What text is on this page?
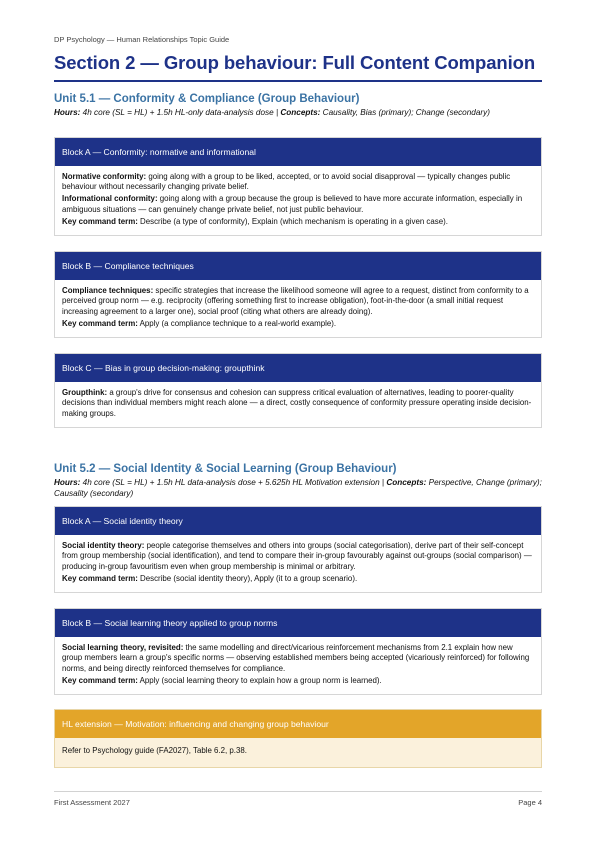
DP Psychology — Human Relationships Topic Guide
Section 2 — Group behaviour: Full Content Companion
Unit 5.1 — Conformity & Compliance (Group Behaviour)
Hours: 4h core (SL = HL) + 1.5h HL-only data-analysis dose | Concepts: Causality, Bias (primary); Change (secondary)
Block A — Conformity: normative and informational

Normative conformity: going along with a group to be liked, accepted, or to avoid social disapproval — typically changes public behaviour without necessarily changing private belief.

Informational conformity: going along with a group because the group is believed to have more accurate information, especially in ambiguous situations — can genuinely change private belief, not just public behaviour.

Key command term: Describe (a type of conformity), Explain (which mechanism is operating in a given case).

Block B — Compliance techniques

Compliance techniques: specific strategies that increase the likelihood someone will agree to a request, distinct from conformity to a perceived group norm — e.g. reciprocity (offering something first to increase obligation), foot-in-the-door (a small initial request increasing agreement to a larger one), social proof (citing what others are already doing).

Key command term: Apply (a compliance technique to a real-world example).

Block C — Bias in group decision-making: groupthink

Groupthink: a group's drive for consensus and cohesion can suppress critical evaluation of alternatives, leading to poorer-quality decisions than individual members might reach alone — a direct, costly consequence of conformity pressure operating inside decision-making groups.

Unit 5.2 — Social Identity & Social Learning (Group Behaviour)
Hours: 4h core (SL = HL) + 1.5h HL data-analysis dose + 5.625h HL Motivation extension | Concepts: Perspective, Change (primary); Causality (secondary)
Block A — Social identity theory

Social identity theory: people categorise themselves and others into groups (social categorisation), derive part of their self-concept from group membership (social identification), and tend to compare their in-group favourably against out-groups (social comparison) — producing in-group favouritism even when group membership is minimal or arbitrary.

Key command term: Describe (social identity theory), Apply (it to a group scenario).

Block B — Social learning theory applied to group norms

Social learning theory, revisited: the same modelling and direct/vicarious reinforcement mechanisms from 2.1 explain how new group members learn a group's specific norms — observing established members being accepted (vicariously reinforced) for following norms, and being directly reinforced themselves for compliance.

Key command term: Apply (social learning theory to explain how a group norm is learned).

HL extension — Motivation: influencing and changing group behaviour

Refer to Psychology guide (FA2027), Table 6.2, p.38.

First Assessment 2027	Page 4
